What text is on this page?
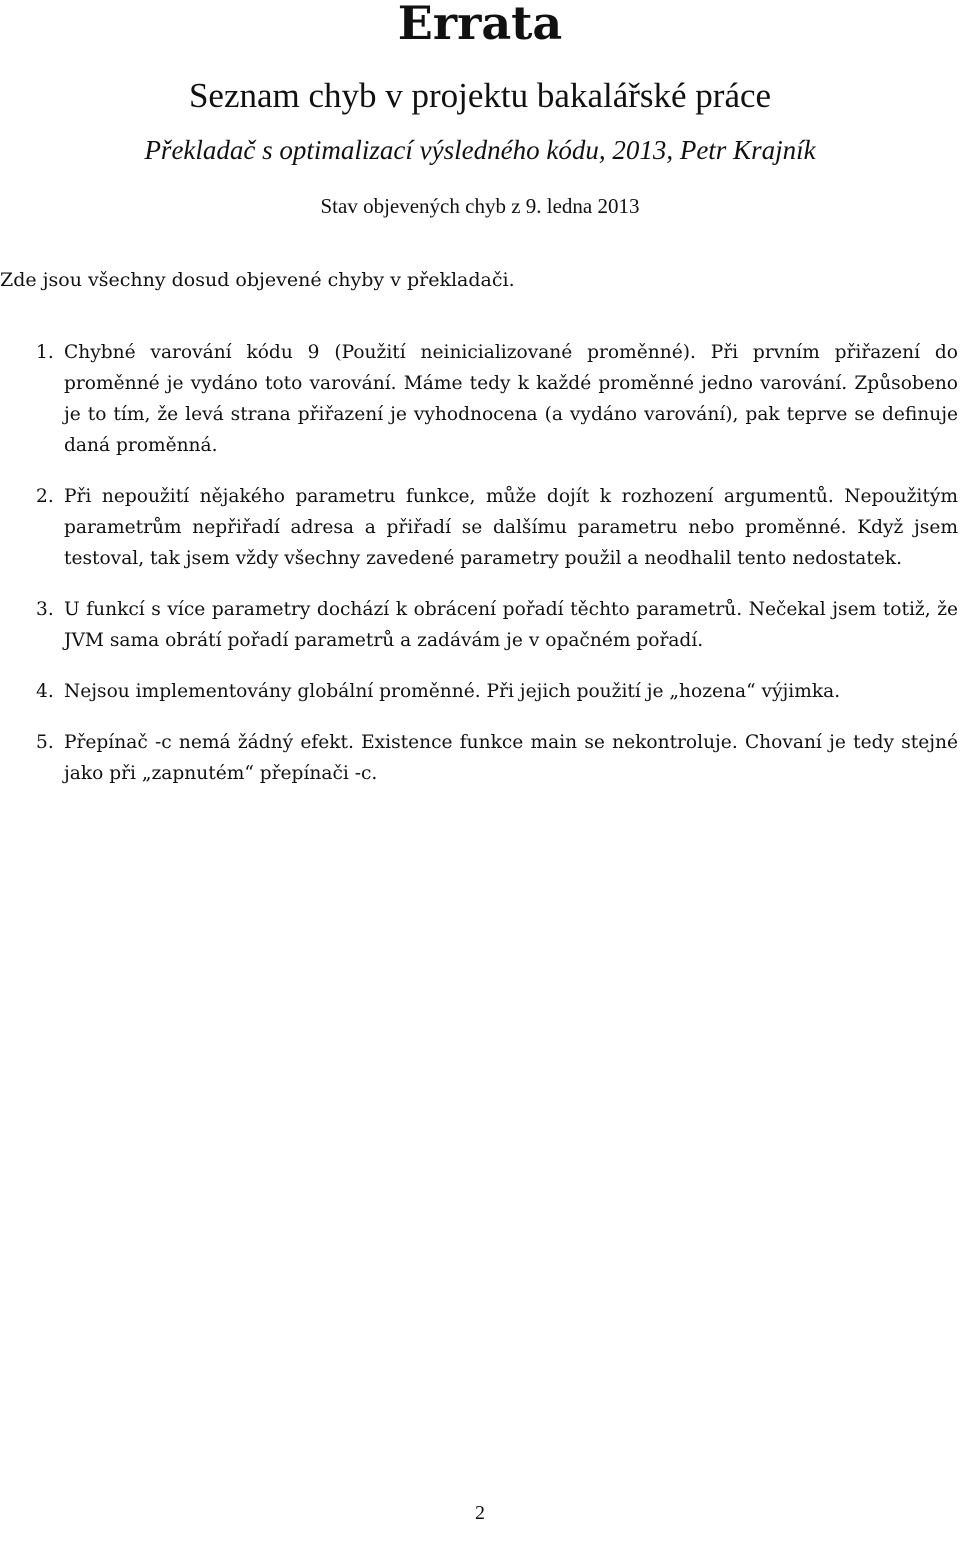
Errata
Seznam chyb v projektu bakalářské práce

Překladač s optimalizací výsledného kódu, 2013, Petr Krajník

Stav objevených chyb z 9. ledna 2013

Zde jsou všechny dosud objevené chyby v překladači.

1. Chybné varování kódu 9 (Použití neinicializované proměnné). Při prvním přiřazení do proměnné je vydáno toto varování. Máme tedy k každé proměnné jedno varování. Způsobeno je to tím, že levá strana přiřazení je vyhodnocena (a vydáno varování), pak teprve se definuje daná proměnná.
2. Při nepoužití nějakého parametru funkce, může dojít k rozhození argumentů. Nepoužitým parametrům nepřiřadí adresa a přiřadí se dalšímu parametru nebo proměnné. Když jsem testoval, tak jsem vždy všechny zavedené parametry použil a neodhalil tento nedostatek.
3. U funkcí s více parametry dochází k obrácení pořadí těchto parametrů. Nečekal jsem totiž, že JVM sama obrátí pořadí parametrů a zadávám je v opačném pořadí.
4. Nejsou implementovány globální proměnné. Při jejich použití je „hozena“ výjimka.
5. Přepínač -c nemá žádný efekt. Existence funkce main se nekontroluje. Chovaní je tedy stejné jako při „zapnutém“ přepínači -c.
2
